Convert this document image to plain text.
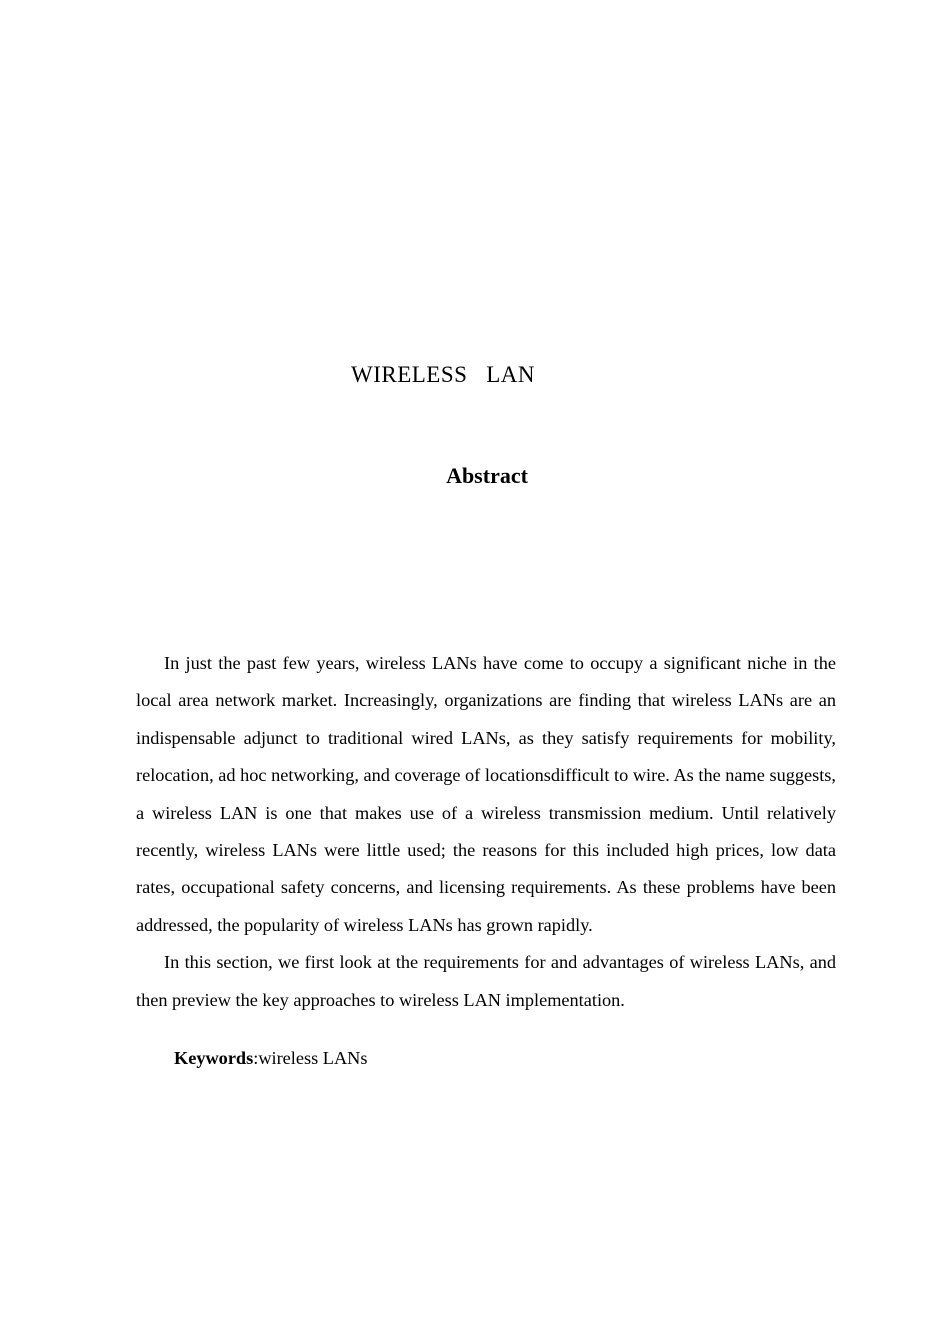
WIRELESS   LAN
Abstract

In just the past few years, wireless LANs have come to occupy a significant niche in the local area network market. Increasingly, organizations are finding that wireless LANs are an indispensable adjunct to traditional wired LANs, as they satisfy requirements for mobility, relocation, ad hoc networking, and coverage of locationsdifficult to wire. As the name suggests, a wireless LAN is one that makes use of a wireless transmission medium. Until relatively recently, wireless LANs were little used; the reasons for this included high prices, low data rates, occupational safety concerns, and licensing requirements. As these problems have been addressed, the popularity of wireless LANs has grown rapidly.

In this section, we first look at the requirements for and advantages of wireless LANs, and then preview the key approaches to wireless LAN implementation.

Keywords:wireless LANs
